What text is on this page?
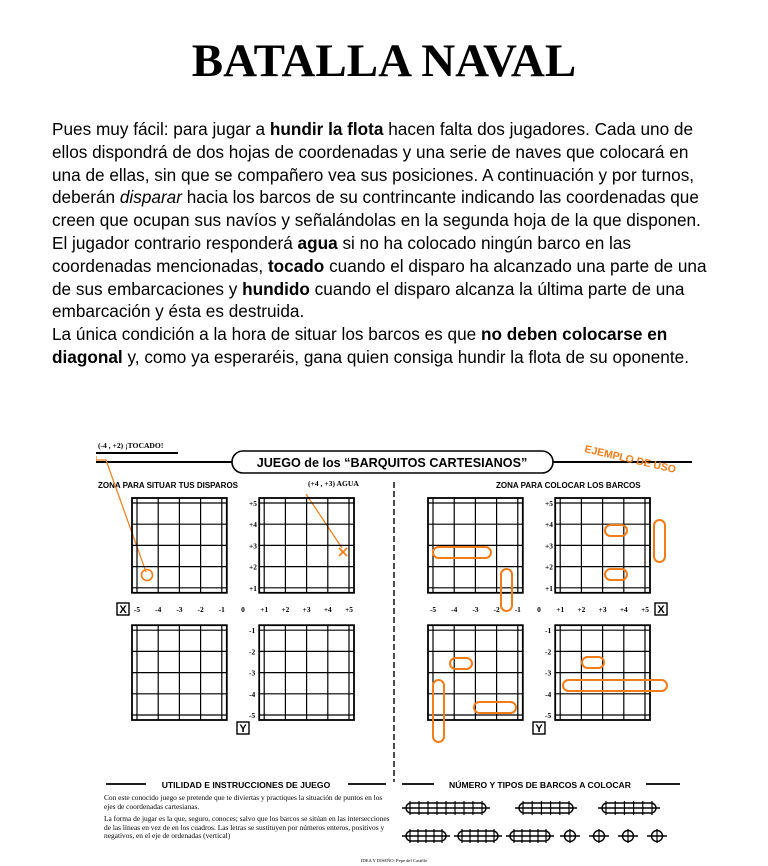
BATALLA NAVAL
Pues muy fácil: para jugar a hundir la flota hacen falta dos jugadores. Cada uno de ellos dispondrá de dos hojas de coordenadas y una serie de naves que colocará en una de ellas, sin que se compañero vea sus posiciones. A continuación y por turnos, deberán disparar hacia los barcos de su contrincante indicando las coordenadas que creen que ocupan sus navíos y señalándolas en la segunda hoja de la que disponen. El jugador contrario responderá agua si no ha colocado ningún barco en las coordenadas mencionadas, tocado cuando el disparo ha alcanzado una parte de una de sus embarcaciones y hundido cuando el disparo alcanza la última parte de una embarcación y ésta es destruida.
La única condición a la hora de situar los barcos es que no deben colocarse en diagonal y, como ya esperaréis, gana quien consiga hundir la flota de su oponente.
JUEGO de los “BARQUITOS CARTESIANOS”	EJEMPLO DE USO
ZONA PARA SITUAR TUS DISPAROS	ZONA PARA COLOCAR LOS BARCOS
(-4 , +2) ¡TOCADO!
(+4 , +3) AGUA
-5 -4 -3 -2 -1 0 +1 +2 +3 +4 +5
+5
+4
+3
+2
+1
-1
-2
-3
-4
-5
X
Y
-5 -4 -3 -2 -1 0 +1 +2 +3 +4 +5
+5
+4
+3
+2
+1
-1
-2
-3
-4
-5
X
Y
UTILIDAD E INSTRUCCIONES DE JUEGO
Con este conocido juego se pretende que te diviertas y practiques la situación de puntos en los ejes de coordenadas cartesianas.
La forma de jugar es la que, seguro, conoces; salvo que los barcos se sitúan en las intersecciones de las líneas en vez de en los cuadros. Las letras se sustituyen por números enteros, positivos y negativos, en el eje de ordenadas (vertical)
NÚMERO Y TIPOS DE BARCOS A COLOCAR
IDEA Y DISEÑO: Pepe del Castillo
